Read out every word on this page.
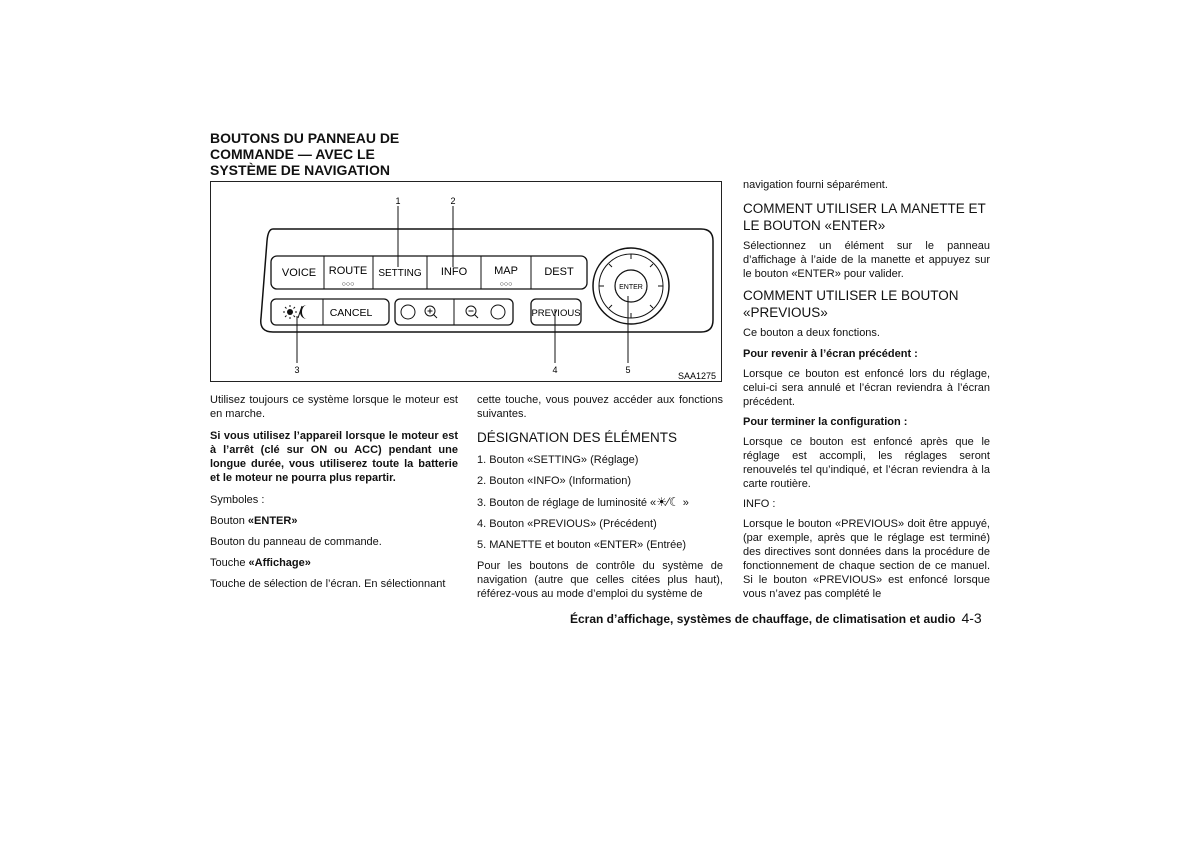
BOUTONS DU PANNEAU DE
COMMANDE — AVEC LE
SYSTÈME DE NAVIGATION
VOICE ROUTE
○○○
SETTING INFO MAP
○○○
DEST
CANCEL	PREVIOUS
ENTER
1	2
3	4	5
SAA1275
Utilisez toujours ce système lorsque le moteur est en marche.
Si vous utilisez l’appareil lorsque le moteur est à l’arrêt (clé sur ON ou ACC) pendant une longue durée, vous utiliserez toute la batterie et le moteur ne pourra plus repartir.
Symboles :
Bouton «ENTER»
Bouton du panneau de commande.
Touche «Affichage»
Touche de sélection de l’écran. En sélectionnant
cette touche, vous pouvez accéder aux fonctions suivantes.
DÉSIGNATION DES ÉLÉMENTS
1. Bouton «SETTING» (Réglage)
2. Bouton «INFO» (Information)
3. Bouton de réglage de luminosité «☀⁄☾ »
4. Bouton «PREVIOUS» (Précédent)
5. MANETTE et bouton «ENTER» (Entrée)
Pour les boutons de contrôle du système de navigation (autre que celles citées plus haut), référez-vous au mode d’emploi du système de
navigation fourni séparément.
COMMENT UTILISER LA MANETTE ET LE BOUTON «ENTER»
Sélectionnez un élément sur le panneau d’affichage à l’aide de la manette et appuyez sur le bouton «ENTER» pour valider.
COMMENT UTILISER LE BOUTON «PREVIOUS»
Ce bouton a deux fonctions.
Pour revenir à l’écran précédent :
Lorsque ce bouton est enfoncé lors du réglage, celui-ci sera annulé et l’écran reviendra à l’écran précédent.
Pour terminer la configuration :
Lorsque ce bouton est enfoncé après que le réglage est accompli, les réglages seront renouvelés tel qu’indiqué, et l’écran reviendra à la carte routière.
INFO :
Lorsque le bouton «PREVIOUS» doit être appuyé, (par exemple, après que le réglage est terminé) des directives sont données dans la procédure de fonctionnement de chaque section de ce manuel. Si le bouton «PREVIOUS» est enfoncé lorsque vous n’avez pas complété le
Écran d’affichage, systèmes de chauffage, de climatisation et audio 4-3
